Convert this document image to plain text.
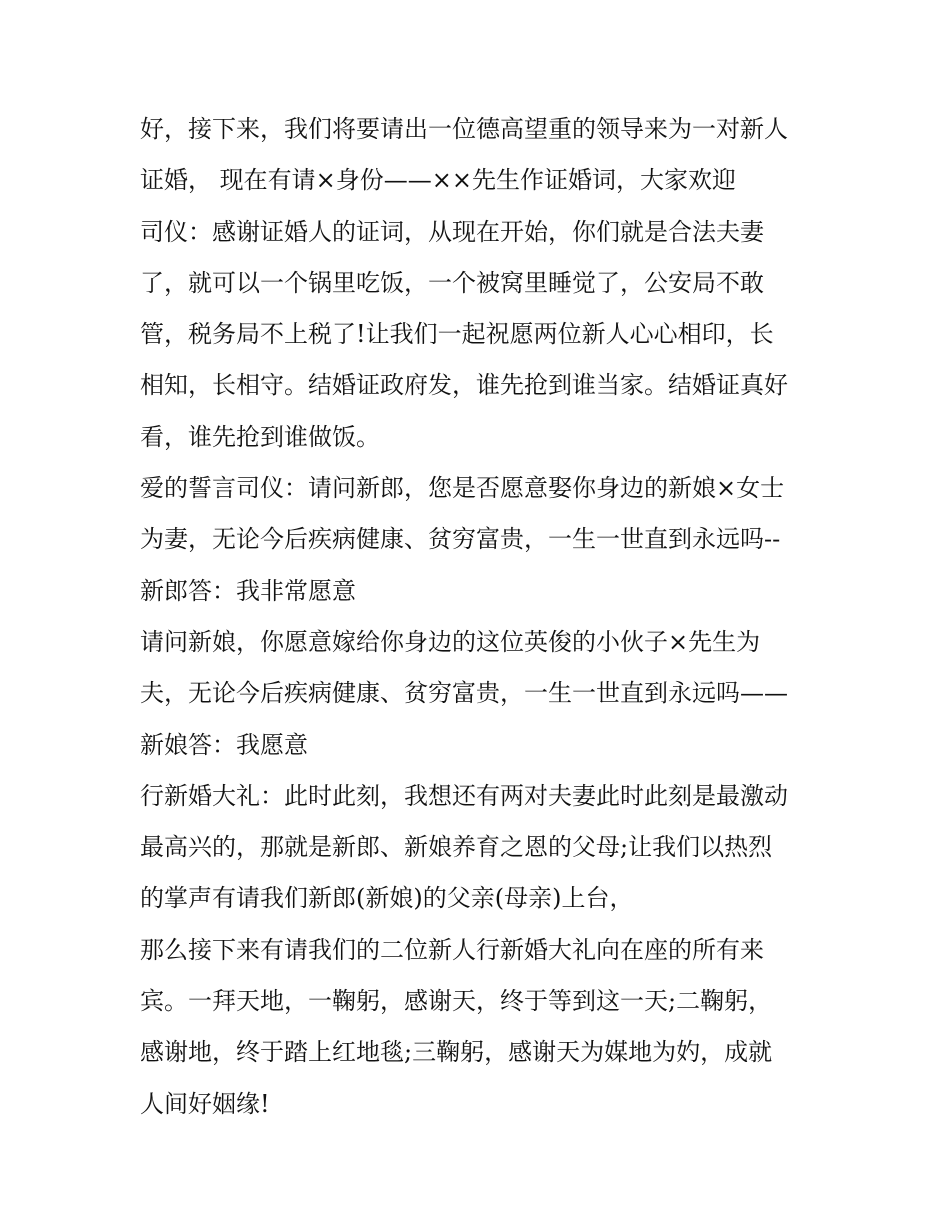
好，接下来，我们将要请出一位德高望重的领导来为一对新人
证婚， 现在有请×身份——××先生作证婚词，大家欢迎
司仪：感谢证婚人的证词，从现在开始，你们就是合法夫妻
了，就可以一个锅里吃饭，一个被窝里睡觉了，公安局不敢
管，税务局不上税了!让我们一起祝愿两位新人心心相印，长
相知，长相守。结婚证政府发，谁先抢到谁当家。结婚证真好
看，谁先抢到谁做饭。
爱的誓言司仪：请问新郎，您是否愿意娶你身边的新娘×女士
为妻，无论今后疾病健康、贫穷富贵，一生一世直到永远吗--
新郎答：我非常愿意
请问新娘，你愿意嫁给你身边的这位英俊的小伙子×先生为
夫，无论今后疾病健康、贫穷富贵，一生一世直到永远吗——
新娘答：我愿意
行新婚大礼：此时此刻，我想还有两对夫妻此时此刻是最激动
最高兴的，那就是新郎、新娘养育之恩的父母;让我们以热烈
的掌声有请我们新郎(新娘)的父亲(母亲)上台，
那么接下来有请我们的二位新人行新婚大礼向在座的所有来
宾。一拜天地，一鞠躬，感谢天，终于等到这一天;二鞠躬，
感谢地，终于踏上红地毯;三鞠躬，感谢天为媒地为妁，成就
人间好姻缘!
